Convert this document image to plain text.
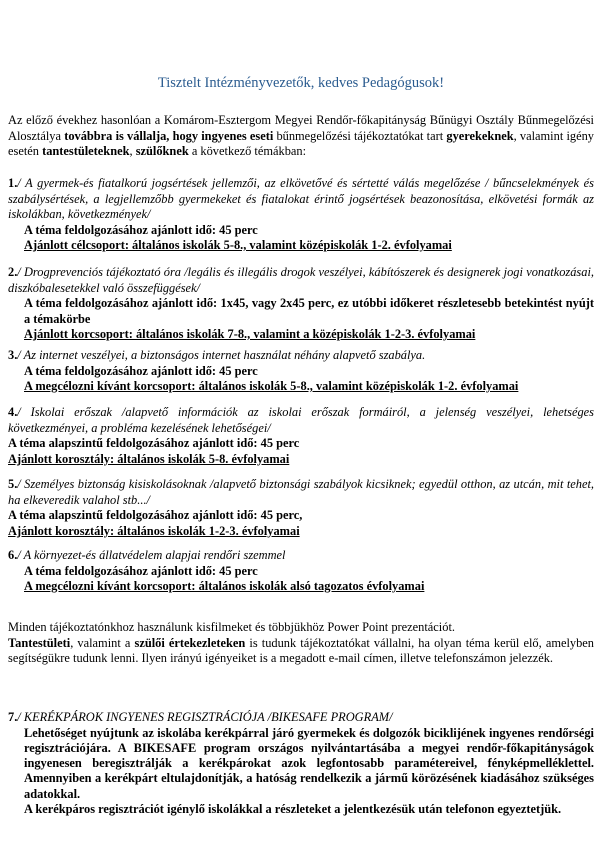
Tisztelt Intézményvezetők, kedves Pedagógusok!
Az előző évekhez hasonlóan a Komárom-Esztergom Megyei Rendőr-főkapitányság Bűnügyi Osztály Bűnmegelőzési Alosztálya továbbra is vállalja, hogy ingyenes eseti bűnmegelőzési tájékoztatókat tart gyerekeknek, valamint igény esetén tantestületeknek, szülőknek a következő témákban:
1./ A gyermek-és fiatalkorú jogsértések jellemzői, az elkövetővé és sértetté válás megelőzése / bűncselekmények és szabálysértések, a legjellemzőbb gyermekeket és fiatalokat érintő jogsértések beazonosítása, elkövetési formák az iskolákban, következmények/
A téma feldolgozásához ajánlott idő: 45 perc
Ajánlott célcsoport: általános iskolák 5-8., valamint középiskolák 1-2. évfolyamai
2./ Drogprevenciós tájékoztató óra /legális és illegális drogok veszélyei, kábítószerek és designerek jogi vonatkozásai, diszkóbalesetekkel való összefüggések/
A téma feldolgozásához ajánlott idő: 1x45, vagy 2x45 perc, ez utóbbi időkeret részletesebb betekintést nyújt a témakörbe
Ajánlott korcsoport: általános iskolák 7-8., valamint a középiskolák 1-2-3. évfolyamai
3./ Az internet veszélyei, a biztonságos internet használat néhány alapvető szabálya.
A téma feldolgozásához ajánlott idő: 45 perc
A megcélozni kívánt korcsoport: általános iskolák 5-8., valamint középiskolák 1-2. évfolyamai
4./ Iskolai erőszak /alapvető információk az iskolai erőszak formáiról, a jelenség veszélyei, lehetséges következményei, a probléma kezelésének lehetőségei/
A téma alapszintű feldolgozásához ajánlott idő: 45 perc
Ajánlott korosztály: általános iskolák 5-8. évfolyamai
5./ Személyes biztonság kisiskolásoknak /alapvető biztonsági szabályok kicsiknek; egyedül otthon, az utcán, mit tehet, ha elkeveredik valahol stb.../
A téma alapszintű feldolgozásához ajánlott idő: 45 perc,
Ajánlott korosztály: általános iskolák 1-2-3. évfolyamai
6./ A környezet-és állatvédelem alapjai rendőri szemmel
A téma feldolgozásához ajánlott idő: 45 perc
A megcélozni kívánt korcsoport: általános iskolák alsó tagozatos évfolyamai
Minden tájékoztatónkhoz használunk kisfilmeket és többjükhöz Power Point prezentációt.
Tantestületi, valamint a szülői értekezleteken is tudunk tájékoztatókat vállalni, ha olyan téma kerül elő, amelyben segítségükre tudunk lenni. Ilyen irányú igényeiket is a megadott e-mail címen, illetve telefonszámon jelezzék.
7./ KERÉKPÁROK INGYENES REGISZTRÁCIÓJA /BIKESAFE PROGRAM/
Lehetőséget nyújtunk az iskolába kerékpárral járó gyermekek és dolgozók biciklijének ingyenes rendőrségi regisztrációjára. A BIKESAFE program országos nyilvántartásába a megyei rendőr-főkapitányságok ingyenesen beregisztrálják a kerékpárokat azok legfontosabb paramétereivel, fényképmelléklettel. Amennyiben a kerékpárt eltulajdonítják, a hatóság rendelkezik a jármű körözésének kiadásához szükséges adatokkal.
A kerékpáros regisztrációt igénylő iskolákkal a részleteket a jelentkezésük után telefonon egyeztetjük.
